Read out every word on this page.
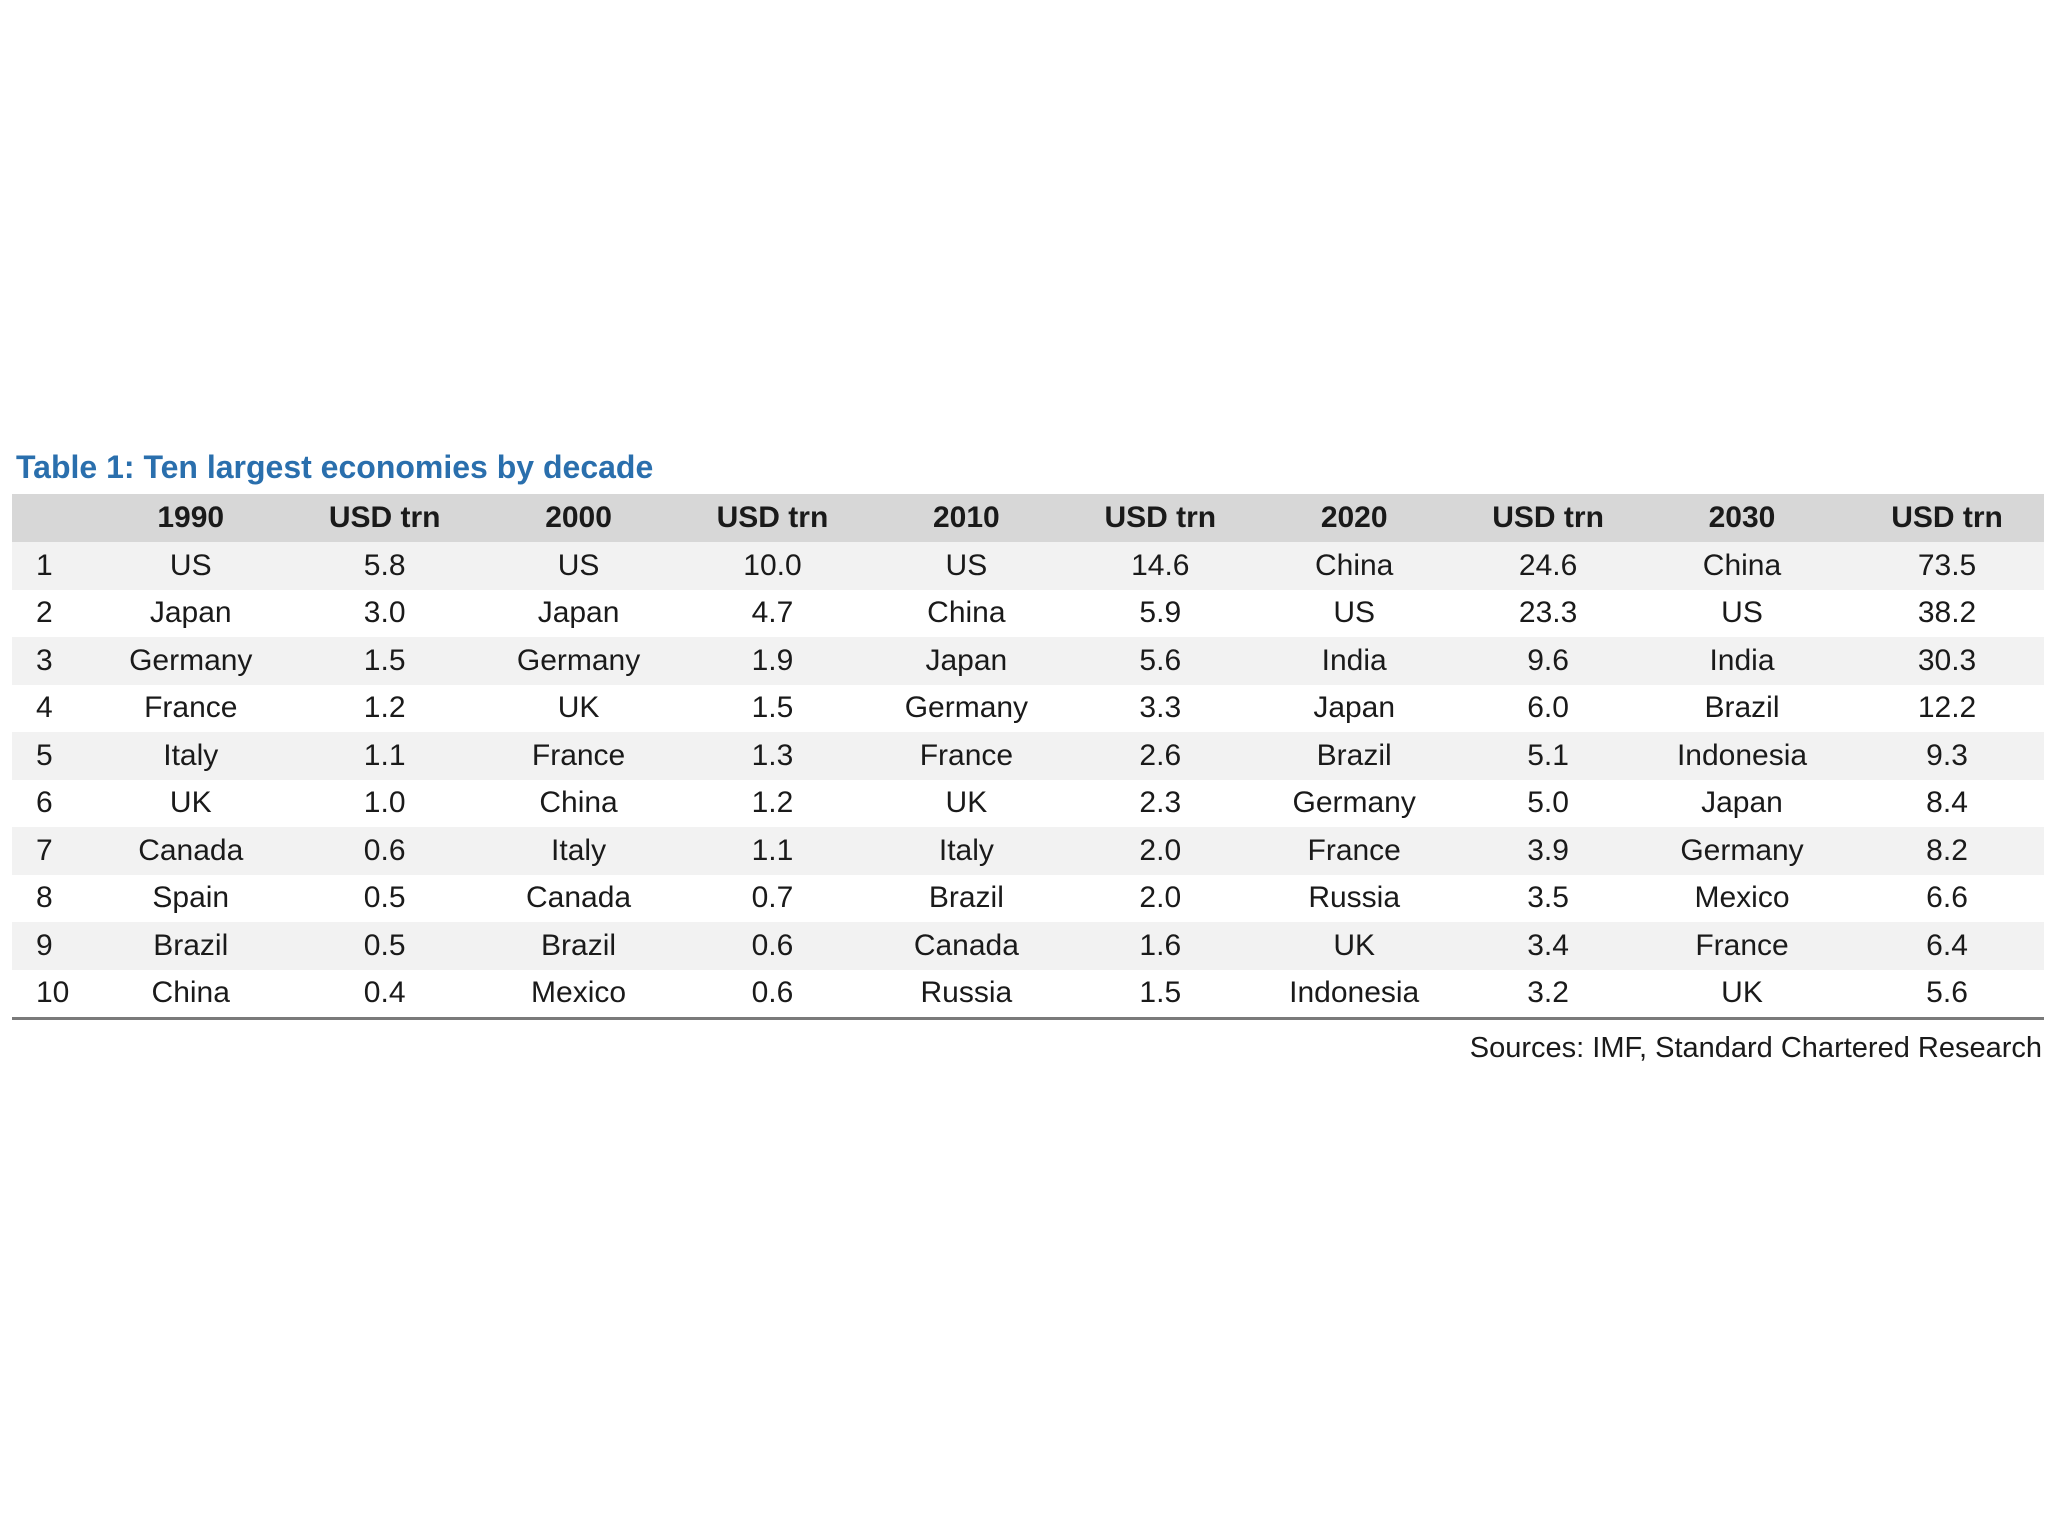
Table 1: Ten largest economies by decade
	1990	USD trn	2000	USD trn	2010	USD trn	2020	USD trn	2030	USD trn
1	US	5.8	US	10.0	US	14.6	China	24.6	China	73.5
2	Japan	3.0	Japan	4.7	China	5.9	US	23.3	US	38.2
3	Germany	1.5	Germany	1.9	Japan	5.6	India	9.6	India	30.3
4	France	1.2	UK	1.5	Germany	3.3	Japan	6.0	Brazil	12.2
5	Italy	1.1	France	1.3	France	2.6	Brazil	5.1	Indonesia	9.3
6	UK	1.0	China	1.2	UK	2.3	Germany	5.0	Japan	8.4
7	Canada	0.6	Italy	1.1	Italy	2.0	France	3.9	Germany	8.2
8	Spain	0.5	Canada	0.7	Brazil	2.0	Russia	3.5	Mexico	6.6
9	Brazil	0.5	Brazil	0.6	Canada	1.6	UK	3.4	France	6.4
10	China	0.4	Mexico	0.6	Russia	1.5	Indonesia	3.2	UK	5.6
Sources: IMF, Standard Chartered Research
